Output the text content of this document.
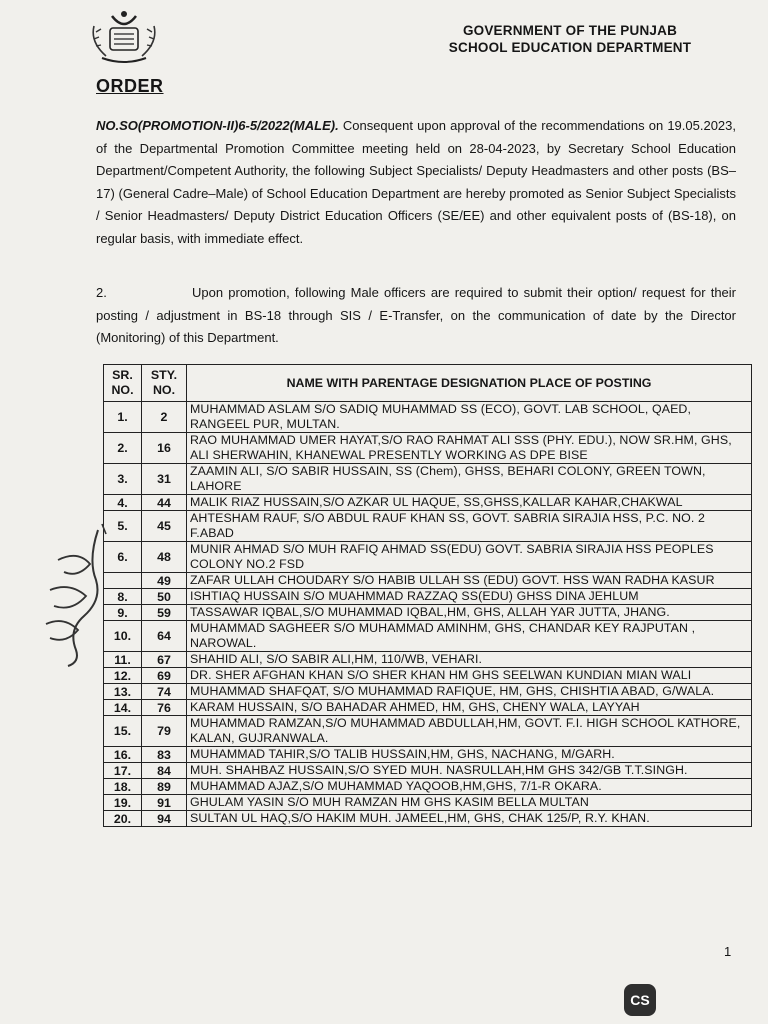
GOVERNMENT OF THE PUNJAB
SCHOOL EDUCATION DEPARTMENT
ORDER
NO.SO(PROMOTION-II)6-5/2022(MALE). Consequent upon approval of the recommendations on 19.05.2023, of the Departmental Promotion Committee meeting held on 28-04-2023, by Secretary School Education Department/Competent Authority, the following Subject Specialists/ Deputy Headmasters and other posts (BS–17) (General Cadre–Male) of School Education Department are hereby promoted as Senior Subject Specialists / Senior Headmasters/ Deputy District Education Officers (SE/EE) and other equivalent posts of (BS-18), on regular basis, with immediate effect.
2.	Upon promotion, following Male officers are required to submit their option/ request for their posting / adjustment in BS-18 through SIS / E-Transfer, on the communication of date by the Director (Monitoring) of this Department.
SR. NO.	STY. NO.	NAME WITH PARENTAGE DESIGNATION PLACE OF POSTING
1.	2	MUHAMMAD ASLAM S/O SADIQ MUHAMMAD SS (ECO), GOVT. LAB SCHOOL, QAED, RANGEEL PUR, MULTAN.
2.	16	RAO MUHAMMAD UMER HAYAT,S/O RAO RAHMAT ALI SSS (PHY. EDU.), NOW SR.HM, GHS, ALI SHERWAHIN, KHANEWAL PRESENTLY WORKING AS DPE BISE
3.	31	ZAAMIN ALI, S/O SABIR HUSSAIN, SS (Chem), GHSS, BEHARI COLONY, GREEN TOWN, LAHORE
4.	44	MALIK RIAZ HUSSAIN,S/O AZKAR UL HAQUE, SS,GHSS,KALLAR KAHAR,CHAKWAL
5.	45	AHTESHAM RAUF, S/O ABDUL RAUF KHAN SS, GOVT. SABRIA SIRAJIA HSS, P.C. NO. 2 F.ABAD
6.	48	MUNIR AHMAD S/O MUH RAFIQ AHMAD SS(EDU) GOVT. SABRIA SIRAJIA HSS PEOPLES COLONY NO.2 FSD
	49	ZAFAR ULLAH CHOUDARY S/O HABIB ULLAH SS (EDU) GOVT. HSS WAN RADHA KASUR
8.	50	ISHTIAQ HUSSAIN S/O MUAHMMAD RAZZAQ SS(EDU) GHSS DINA JEHLUM
9.	59	TASSAWAR IQBAL,S/O MUHAMMAD IQBAL,HM, GHS, ALLAH YAR JUTTA, JHANG.
10.	64	MUHAMMAD SAGHEER S/O MUHAMMAD AMINHM, GHS, CHANDAR KEY RAJPUTAN , NAROWAL.
11.	67	SHAHID ALI, S/O SABIR ALI,HM, 110/WB, VEHARI.
12.	69	DR. SHER AFGHAN KHAN S/O SHER KHAN HM GHS SEELWAN KUNDIAN MIAN WALI
13.	74	MUHAMMAD SHAFQAT, S/O MUHAMMAD RAFIQUE, HM, GHS, CHISHTIA ABAD, G/WALA.
14.	76	KARAM HUSSAIN, S/O BAHADAR AHMED, HM, GHS, CHENY WALA, LAYYAH
15.	79	MUHAMMAD RAMZAN,S/O MUHAMMAD ABDULLAH,HM, GOVT. F.I. HIGH SCHOOL KATHORE, KALAN, GUJRANWALA.
16.	83	MUHAMMAD TAHIR,S/O TALIB HUSSAIN,HM, GHS, NACHANG, M/GARH.
17.	84	MUH. SHAHBAZ HUSSAIN,S/O SYED MUH. NASRULLAH,HM GHS 342/GB T.T.SINGH.
18.	89	MUHAMMAD AJAZ,S/O MUHAMMAD YAQOOB,HM,GHS, 7/1-R OKARA.
19.	91	GHULAM YASIN S/O MUH RAMZAN HM GHS KASIM BELLA MULTAN
20.	94	SULTAN UL HAQ,S/O HAKIM MUH. JAMEEL,HM, GHS, CHAK 125/P, R.Y. KHAN.
1
CS
